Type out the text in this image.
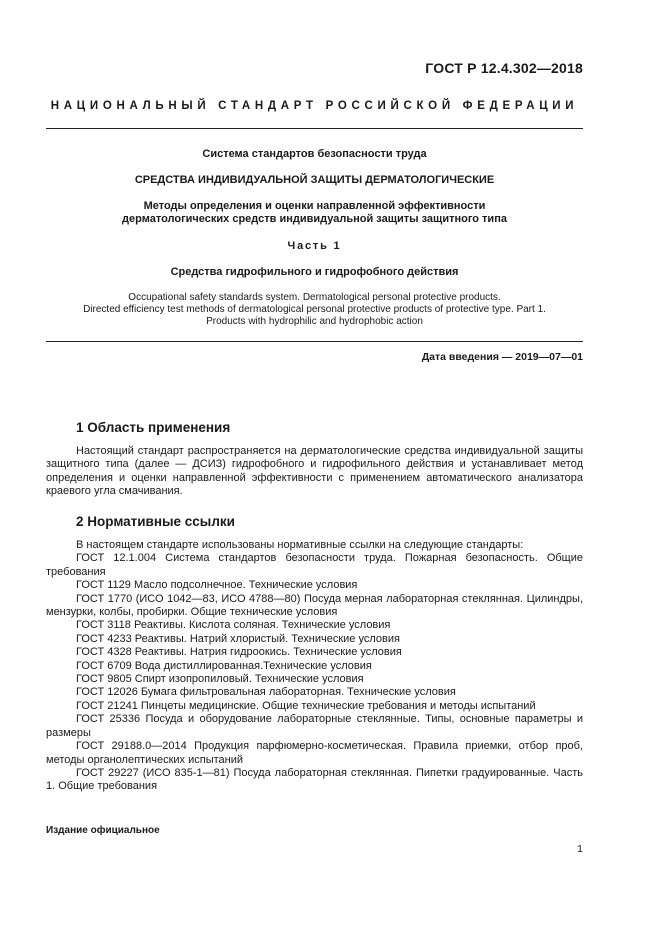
ГОСТ Р 12.4.302—2018
НАЦИОНАЛЬНЫЙ СТАНДАРТ РОССИЙСКОЙ ФЕДЕРАЦИИ
Система стандартов безопасности труда
СРЕДСТВА ИНДИВИДУАЛЬНОЙ ЗАЩИТЫ ДЕРМАТОЛОГИЧЕСКИЕ
Методы определения и оценки направленной эффективности
дерматологических средств индивидуальной защиты защитного типа
Часть 1
Средства гидрофильного и гидрофобного действия
Occupational safety standards system. Dermatological personal protective products.
Directed efficiency test methods of dermatological personal protective products of protective type. Part 1.
Products with hydrophilic and hydrophobic action
Дата введения — 2019—07—01
1 Область применения

Настоящий стандарт распространяется на дерматологические средства индивидуальной защиты защитного типа (далее — ДСИЗ) гидрофобного и гидрофильного действия и устанавливает метод определения и оценки направленной эффективности с применением автоматического анализатора краевого угла смачивания.

2 Нормативные ссылки

В настоящем стандарте использованы нормативные ссылки на следующие стандарты:

ГОСТ 12.1.004 Система стандартов безопасности труда. Пожарная безопасность. Общие требования

ГОСТ 1129 Масло подсолнечное. Технические условия

ГОСТ 1770 (ИСО 1042—83, ИСО 4788—80) Посуда мерная лабораторная стеклянная. Цилиндры, мензурки, колбы, пробирки. Общие технические условия

ГОСТ 3118 Реактивы. Кислота соляная. Технические условия

ГОСТ 4233 Реактивы. Натрий хлористый. Технические условия

ГОСТ 4328 Реактивы. Натрия гидроокись. Технические условия

ГОСТ 6709 Вода дистиллированная.Технические условия

ГОСТ 9805 Спирт изопропиловый. Технические условия

ГОСТ 12026 Бумага фильтровальная лабораторная. Технические условия

ГОСТ 21241 Пинцеты медицинские. Общие технические требования и методы испытаний

ГОСТ 25336 Посуда и оборудование лабораторные стеклянные. Типы, основные параметры и размеры

ГОСТ 29188.0—2014 Продукция парфюмерно-косметическая. Правила приемки, отбор проб, методы органолептических испытаний

ГОСТ 29227 (ИСО 835-1—81) Посуда лабораторная стеклянная. Пипетки градуированные. Часть 1. Общие требования

Издание официальное
1
